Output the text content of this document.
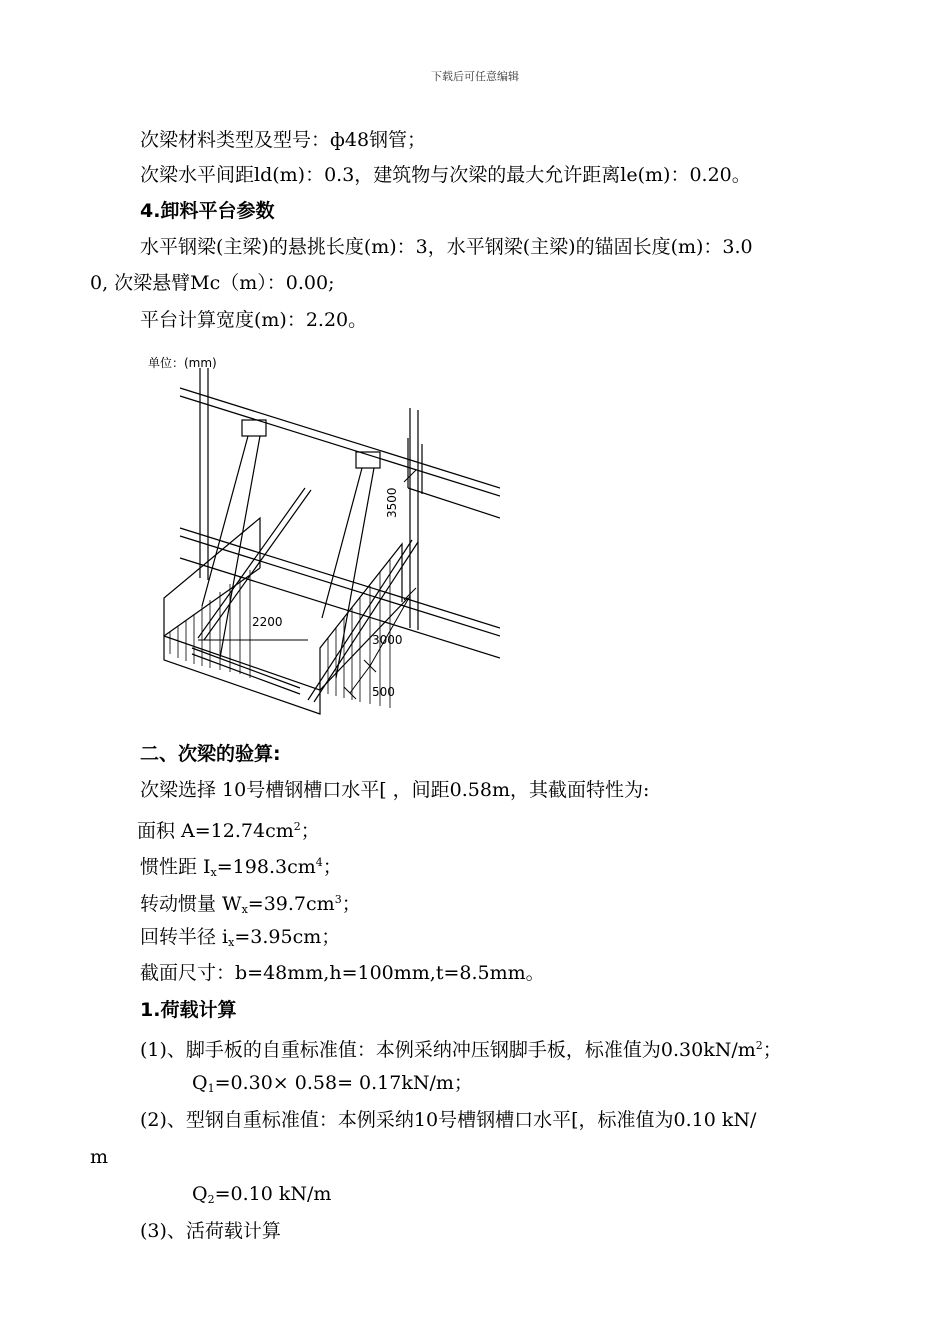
下载后可任意编辑
次梁材料类型及型号：ф48钢管；
次梁水平间距ld(m)：0.3，建筑物与次梁的最大允许距离le(m)：0.20。
4.卸料平台参数
水平钢梁(主梁)的悬挑长度(m)：3，水平钢梁(主梁)的锚固长度(m)：3.0
0, 次梁悬臂Mc（m）：0.00;
平台计算宽度(m)：2.20。
单位：(mm)
3500
2200
3000
500
二、次梁的验算:
次梁选择 10号槽钢槽口水平[ ，间距0.58m，其截面特性为:
面积 $A=12.74cm^2$；
惯性距 $I_x=198.3cm^4$；
转动惯量 $W_x=39.7cm^3$；
回转半径 $i_x=3.95cm$；
截面尺寸：b=48mm,h=100mm,t=8.5mm。
1.荷载计算
(1)、脚手板的自重标准值：本例采纳冲压钢脚手板，标准值为$0.30kN/m^2$；
$Q_1=0.30\times 0.58= 0.17kN/m$；
(2)、型钢自重标准值：本例采纳10号槽钢槽口水平[，标准值为0.10 kN/
m
$Q_2=0.10$ kN/m
(3)、活荷载计算
